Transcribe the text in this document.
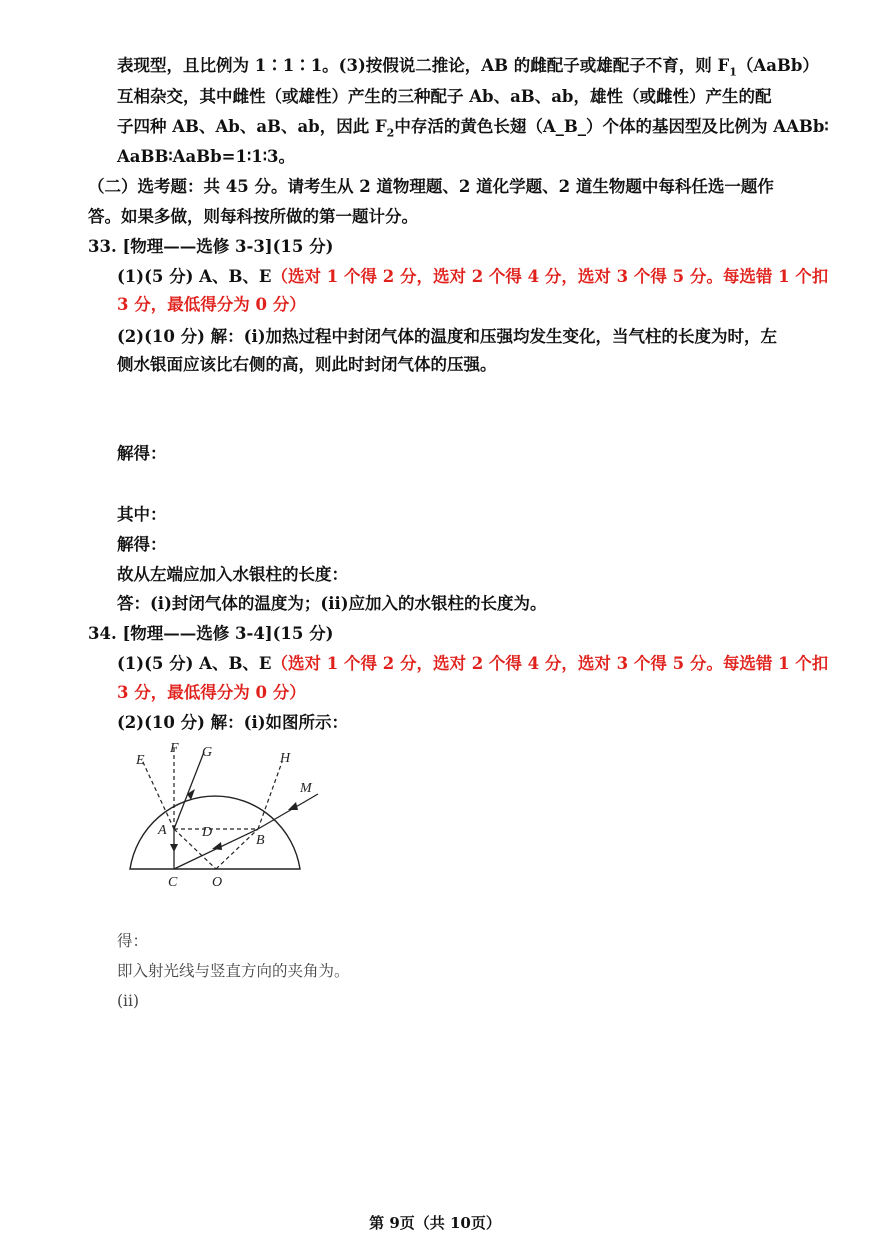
表现型，且比例为 1∶1∶1。(3)按假说二推论，AB 的雌配子或雄配子不育，则 $F_1(AaBb)$
互相杂交，其中雌性（或雄性）产生的三种配子 Ab、aB、ab，雄性（或雌性）产生的配
子四种 AB、Ab、aB、ab，因此 $F_2$中存活的黄色长翅（A_B_）个体的基因型及比例为 AABb∶
AaBB∶AaBb=1∶1∶3。
（二）选考题：共 45 分。请考生从 2 道物理题、2 道化学题、2 道生物题中每科任选一题作
答。如果多做，则每科按所做的第一题计分。
33. [物理——选修 3-3](15 分)
(1)(5 分) A、B、E（选对 1 个得 2 分，选对 2 个得 4 分，选对 3 个得 5 分。每选错 1 个扣
3 分，最低得分为 0 分）
(2)(10 分) 解：(i)加热过程中封闭气体的温度和压强均发生变化，当气柱的长度为时，左
侧水银面应该比右侧的高，则此时封闭气体的压强。
解得：
其中：
解得：
故从左端应加入水银柱的长度：
答：(i)封闭气体的温度为；(ii)应加入的水银柱的长度为。
34. [物理——选修 3-4](15 分)
(1)(5 分) A、B、E（选对 1 个得 2 分，选对 2 个得 4 分，选对 3 个得 5 分。每选错 1 个扣
3 分，最低得分为 0 分）
(2)(10 分) 解：(i)如图所示：
E
F G	H
M
A
B
D
C O
得：
即入射光线与竖直方向的夹角为。
(ii)
第 9页（共 10页）
